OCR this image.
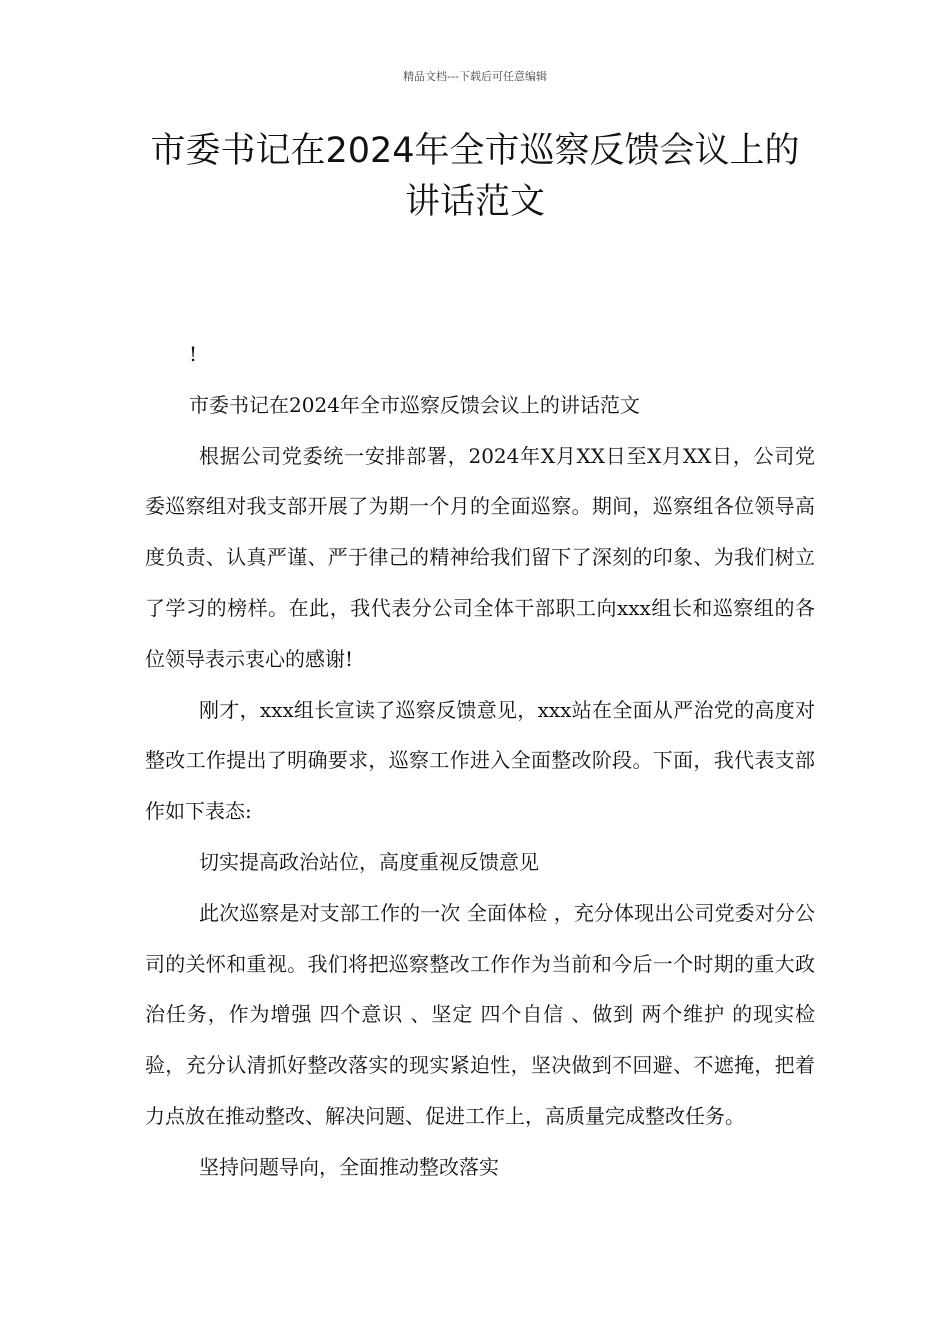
精品文档---下载后可任意编辑
市委书记在2024年全市巡察反馈会议上的讲话范文

!

市委书记在2024年全市巡察反馈会议上的讲话范文

根据公司党委统一安排部署，2024年X月XX日至X月XX日，公司党委巡察组对我支部开展了为期一个月的全面巡察。期间，巡察组各位领导高度负责、认真严谨、严于律己的精神给我们留下了深刻的印象、为我们树立了学习的榜样。在此，我代表分公司全体干部职工向xxx组长和巡察组的各位领导表示衷心的感谢!

刚才，xxx组长宣读了巡察反馈意见，xxx站在全面从严治党的高度对整改工作提出了明确要求，巡察工作进入全面整改阶段。下面，我代表支部作如下表态:

切实提高政治站位，高度重视反馈意见

此次巡察是对支部工作的一次 全面体检 ，充分体现出公司党委对分公司的关怀和重视。我们将把巡察整改工作作为当前和今后一个时期的重大政治任务，作为增强 四个意识 、坚定 四个自信 、做到 两个维护 的现实检验，充分认清抓好整改落实的现实紧迫性，坚决做到不回避、不遮掩，把着力点放在推动整改、解决问题、促进工作上，高质量完成整改任务。

坚持问题导向，全面推动整改落实
